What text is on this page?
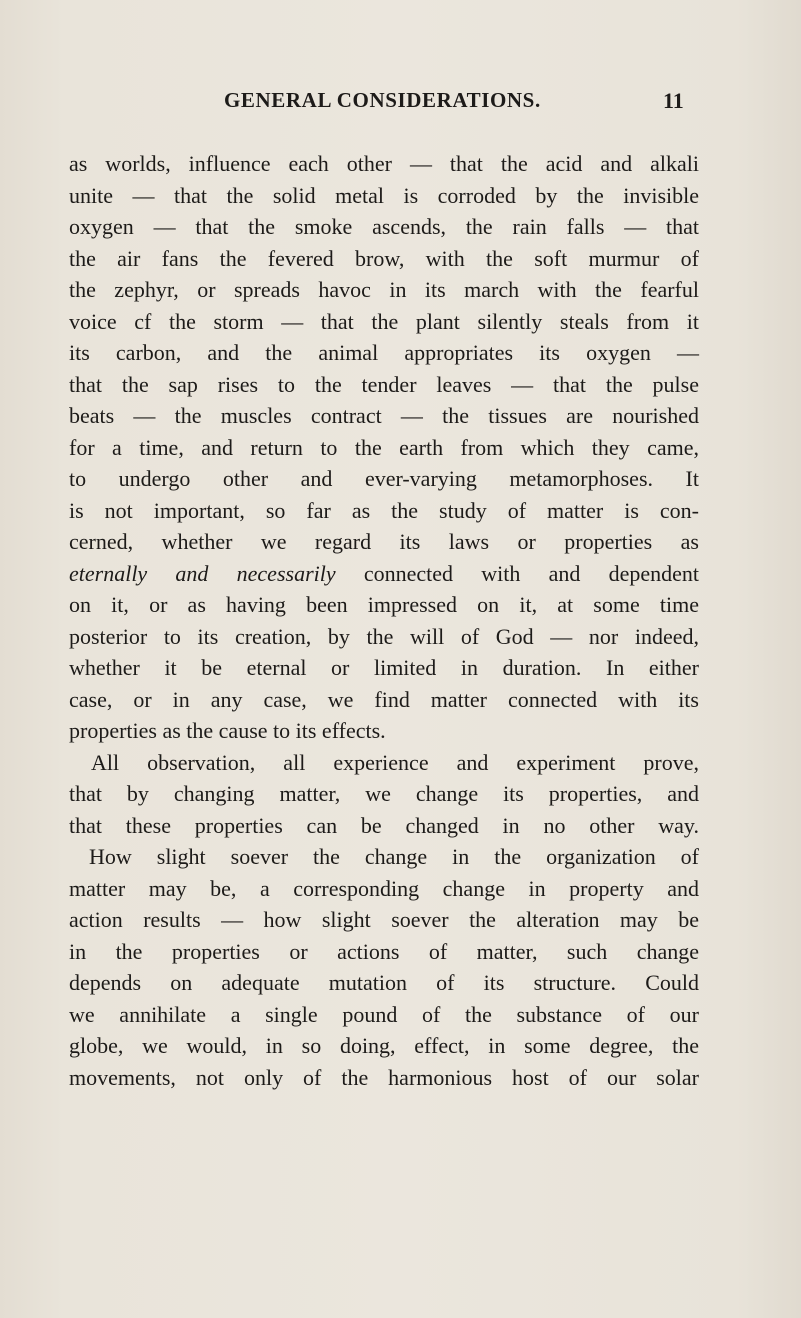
GENERAL CONSIDERATIONS.	11
as worlds, influence each other — that the acid and alkali
unite — that the solid metal is corroded by the invisible
oxygen — that the smoke ascends, the rain falls — that
the air fans the fevered brow, with the soft murmur of
the zephyr, or spreads havoc in its march with the fearful
voice cf the storm — that the plant silently steals from it
its carbon, and the animal appropriates its oxygen —
that the sap rises to the tender leaves — that the pulse
beats — the muscles contract — the tissues are nourished
for a time, and return to the earth from which they came,
to undergo other and ever-varying metamorphoses. It
is not important, so far as the study of matter is con-
cerned, whether we regard its laws or properties as
eternally and necessarily connected with and dependent
on it, or as having been impressed on it, at some time
posterior to its creation, by the will of God — nor indeed,
whether it be eternal or limited in duration. In either
case, or in any case, we find matter connected with its
properties as the cause to its effects.
All observation, all experience and experiment prove,
that by changing matter, we change its properties, and
that these properties can be changed in no other way.
How slight soever the change in the organization of
matter may be, a corresponding change in property and
action results — how slight soever the alteration may be
in the properties or actions of matter, such change
depends on adequate mutation of its structure. Could
we annihilate a single pound of the substance of our
globe, we would, in so doing, effect, in some degree, the
movements, not only of the harmonious host of our solar
